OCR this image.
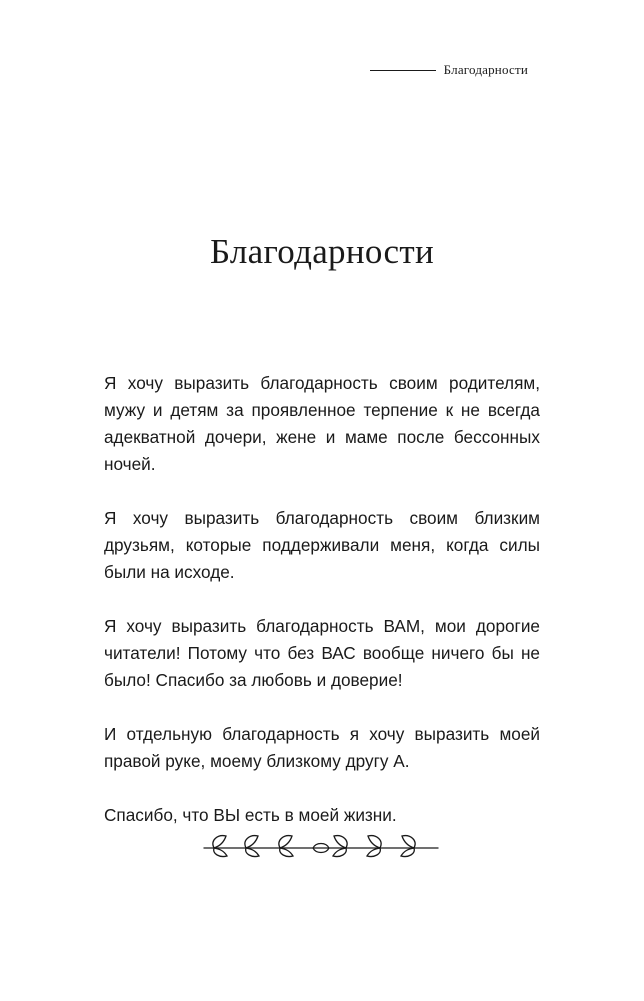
Благодарности
Благодарности

Я хочу выразить благодарность своим родителям, мужу и детям за проявленное терпение к не всегда адекватной дочери, жене и маме после бессонных ночей.

Я хочу выразить благодарность своим близким друзьям, которые поддерживали меня, когда силы были на исходе.

Я хочу выразить благодарность ВАМ, мои дорогие читатели! Потому что без ВАС вообще ничего бы не было! Спасибо за любовь и доверие!

И отдельную благодарность я хочу выразить моей правой руке, моему близкому другу А.

Спасибо, что ВЫ есть в моей жизни.
